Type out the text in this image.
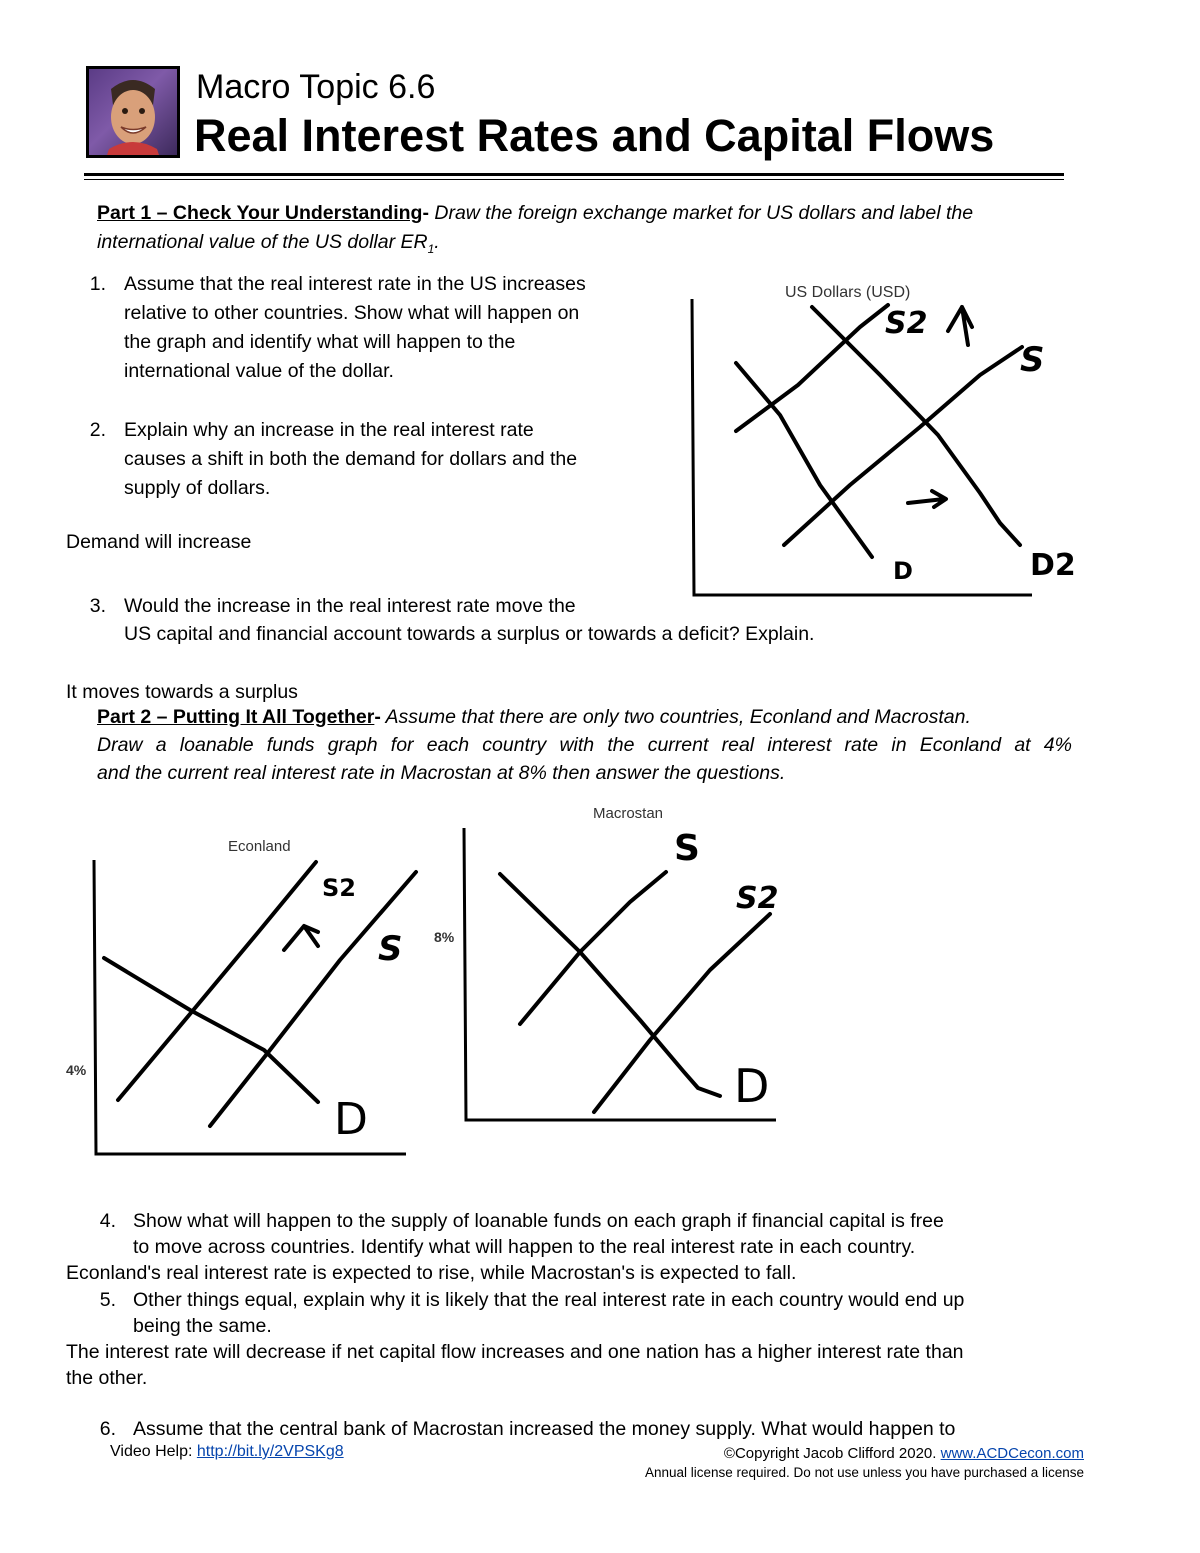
Macro Topic 6.6
Real Interest Rates and Capital Flows
Part 1 – Check Your Understanding- Draw the foreign exchange market for US dollars and label the
international value of the US dollar $ER_1$.
1. Assume that the real interest rate in the US increases
relative to other countries. Show what will happen on
the graph and identify what will happen to the
international value of the dollar.
2. Explain why an increase in the real interest rate
causes a shift in both the demand for dollars and the
supply of dollars.
Demand will increase
3. Would the increase in the real interest rate move the
US capital and financial account towards a surplus or towards a deficit? Explain.
It moves towards a surplus
US Dollars (USD)
S2
S
D	D2
Part 2 – Putting It All Together- Assume that there are only two countries, Econland and Macrostan.
Draw a loanable funds graph for each country with the current real interest rate in Econland at 4%
and the current real interest rate in Macrostan at 8% then answer the questions.
Econland
4%
S2
S
D
Macrostan
8%
S
S2
D
4. Show what will happen to the supply of loanable funds on each graph if financial capital is free
to move across countries. Identify what will happen to the real interest rate in each country.
Econland's real interest rate is expected to rise, while Macrostan's is expected to fall.
5. Other things equal, explain why it is likely that the real interest rate in each country would end up
being the same.
The interest rate will decrease if net capital flow increases and one nation has a higher interest rate than
the other.
6. Assume that the central bank of Macrostan increased the money supply. What would happen to
Video Help: http://bit.ly/2VPSKg8	©Copyright Jacob Clifford 2020. www.ACDCecon.com
Annual license required. Do not use unless you have purchased a license
